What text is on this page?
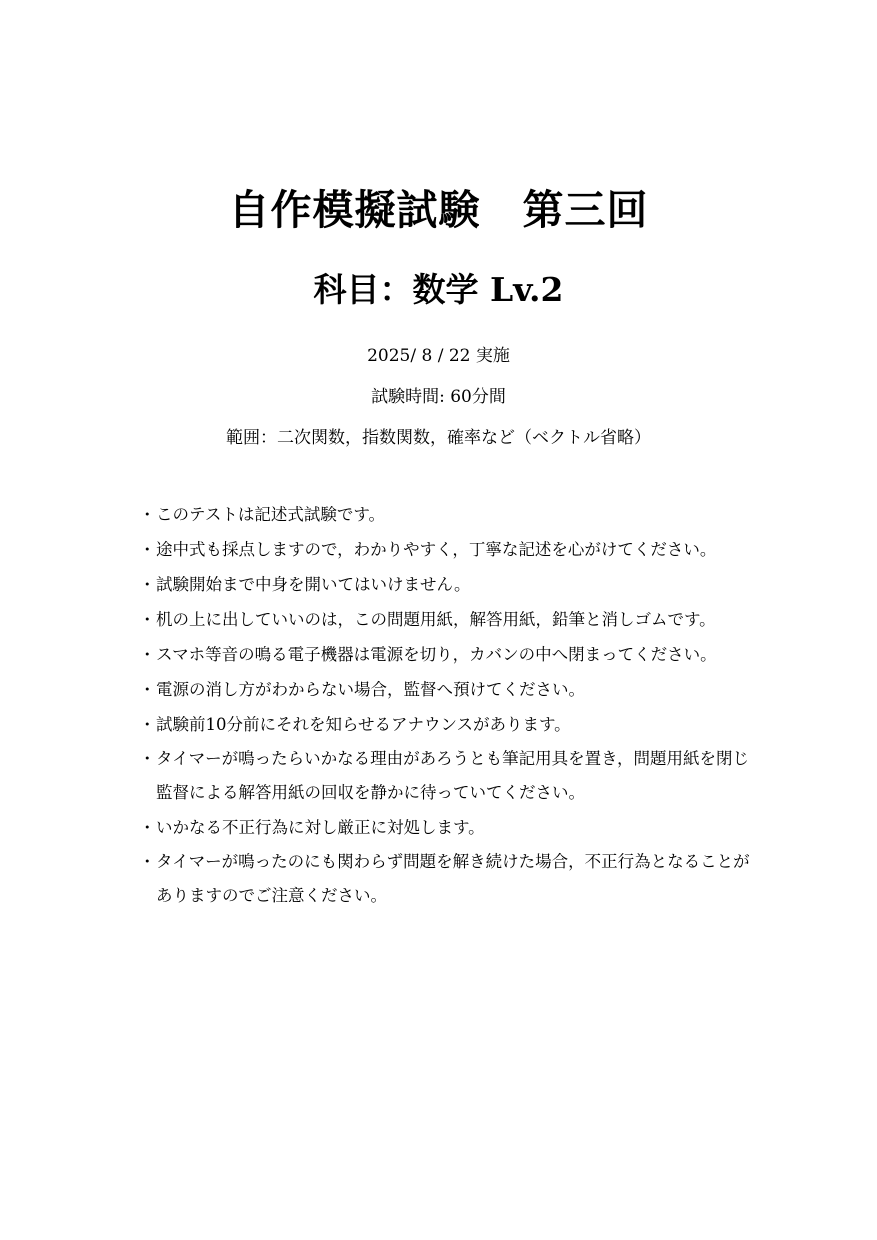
自作模擬試験　第三回
科目：数学 Lv.2
2025/ 8 / 22 実施
試験時間: 60分間
範囲：二次関数，指数関数，確率など（ベクトル省略）
・ このテストは記述式試験です。
・ 途中式も採点しますので，わかりやすく，丁寧な記述を心がけてください。
・ 試験開始まで中身を開いてはいけません。
・ 机の上に出していいのは，この問題用紙，解答用紙，鉛筆と消しゴムです。
・ スマホ等音の鳴る電子機器は電源を切り，カバンの中へ閉まってください。
・ 電源の消し方がわからない場合，監督へ預けてください。
・ 試験前10分前にそれを知らせるアナウンスがあります。
・ タイマーが鳴ったらいかなる理由があろうとも筆記用具を置き，問題用紙を閉じ
監督による解答用紙の回収を静かに待っていてください。
・ いかなる不正行為に対し厳正に対処します。
・ タイマーが鳴ったのにも関わらず問題を解き続けた場合，不正行為となることが
ありますのでご注意ください。
